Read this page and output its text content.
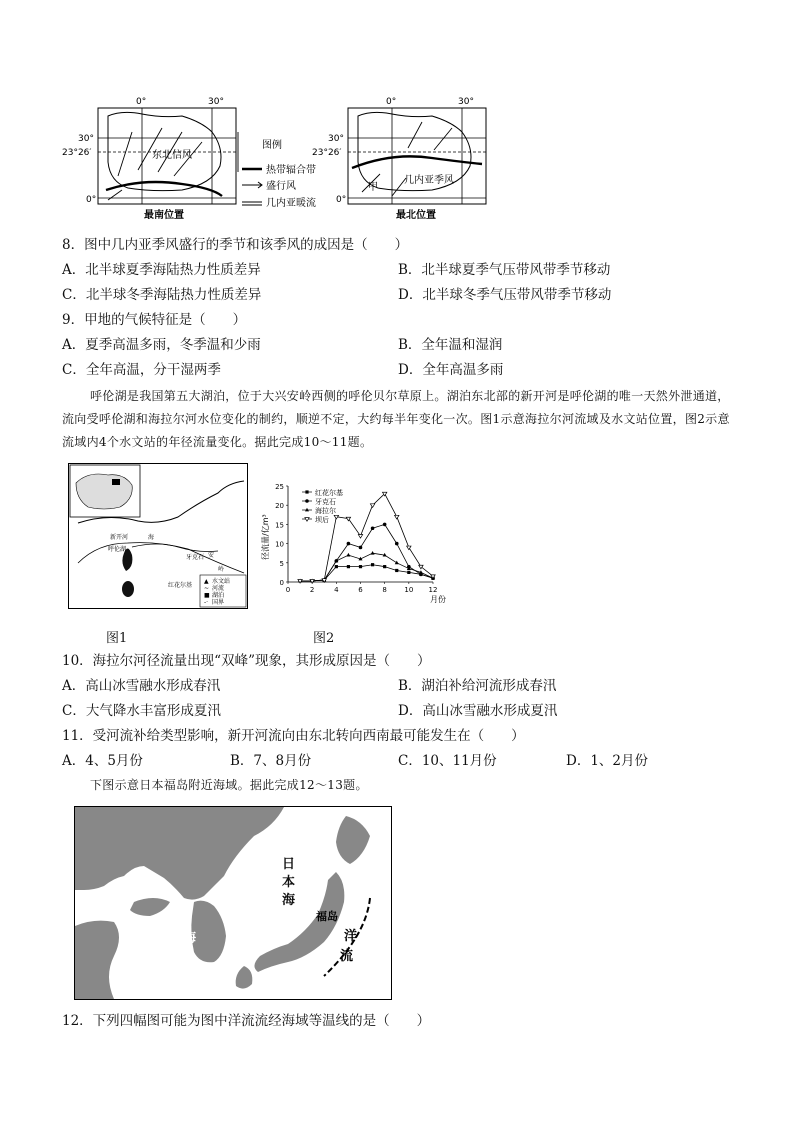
0°	30°
30°
23°26′
0°
东北信风
最南位置
图例
热带辐合带
盛行风
几内亚暖流
0°	30°
30°
23°26′
0°
甲
几内亚季风
最北位置
8．图中几内亚季风盛行的季节和该季风的成因是（　　）
A．北半球夏季海陆热力性质差异	B．北半球夏季气压带风带季节移动
C．北半球冬季海陆热力性质差异	D．北半球冬季气压带风带季节移动
9．甲地的气候特征是（　　）
A．夏季高温多雨，冬季温和少雨	B．全年温和湿润
C．全年高温，分干湿两季	D．全年高温多雨
呼伦湖是我国第五大湖泊，位于大兴安岭西侧的呼伦贝尔草原上。湖泊东北部的新开河是呼伦湖的唯一天然外泄通道，流向受呼伦湖和海拉尔河水位变化的制约，顺逆不定，大约每半年变化一次。图1示意海拉尔河流域及水文站位置，图2示意流域内4个水文站的年径流量变化。据此完成10～11题。
新开河
呼伦湖
海
红花尔基
牙克石
岭
安
▲ 水文站
~ 河流
■ 湖泊
-· 国界
图1
0
5
10
15
20
25
0	2	4	6	8 10 12
红花尔基
牙克石
海拉尔
坝后
径流量/亿m³
月份
图2
10．海拉尔河径流量出现“双峰”现象，其形成原因是（　　）
A．高山冰雪融水形成春汛	B．湖泊补给河流形成春汛
C．大气降水丰富形成夏汛	D．高山冰雪融水形成夏汛
11．受河流补给类型影响，新开河流向由东北转向西南最可能发生在（　　）
A．4、5月份	B．7、8月份	C．10、11月份	D．1、2月份
下图示意日本福岛附近海域。据此完成12～13题。
日
本
海
福岛
黄海	洋
流
12．下列四幅图可能为图中洋流流经海域等温线的是（　　）
